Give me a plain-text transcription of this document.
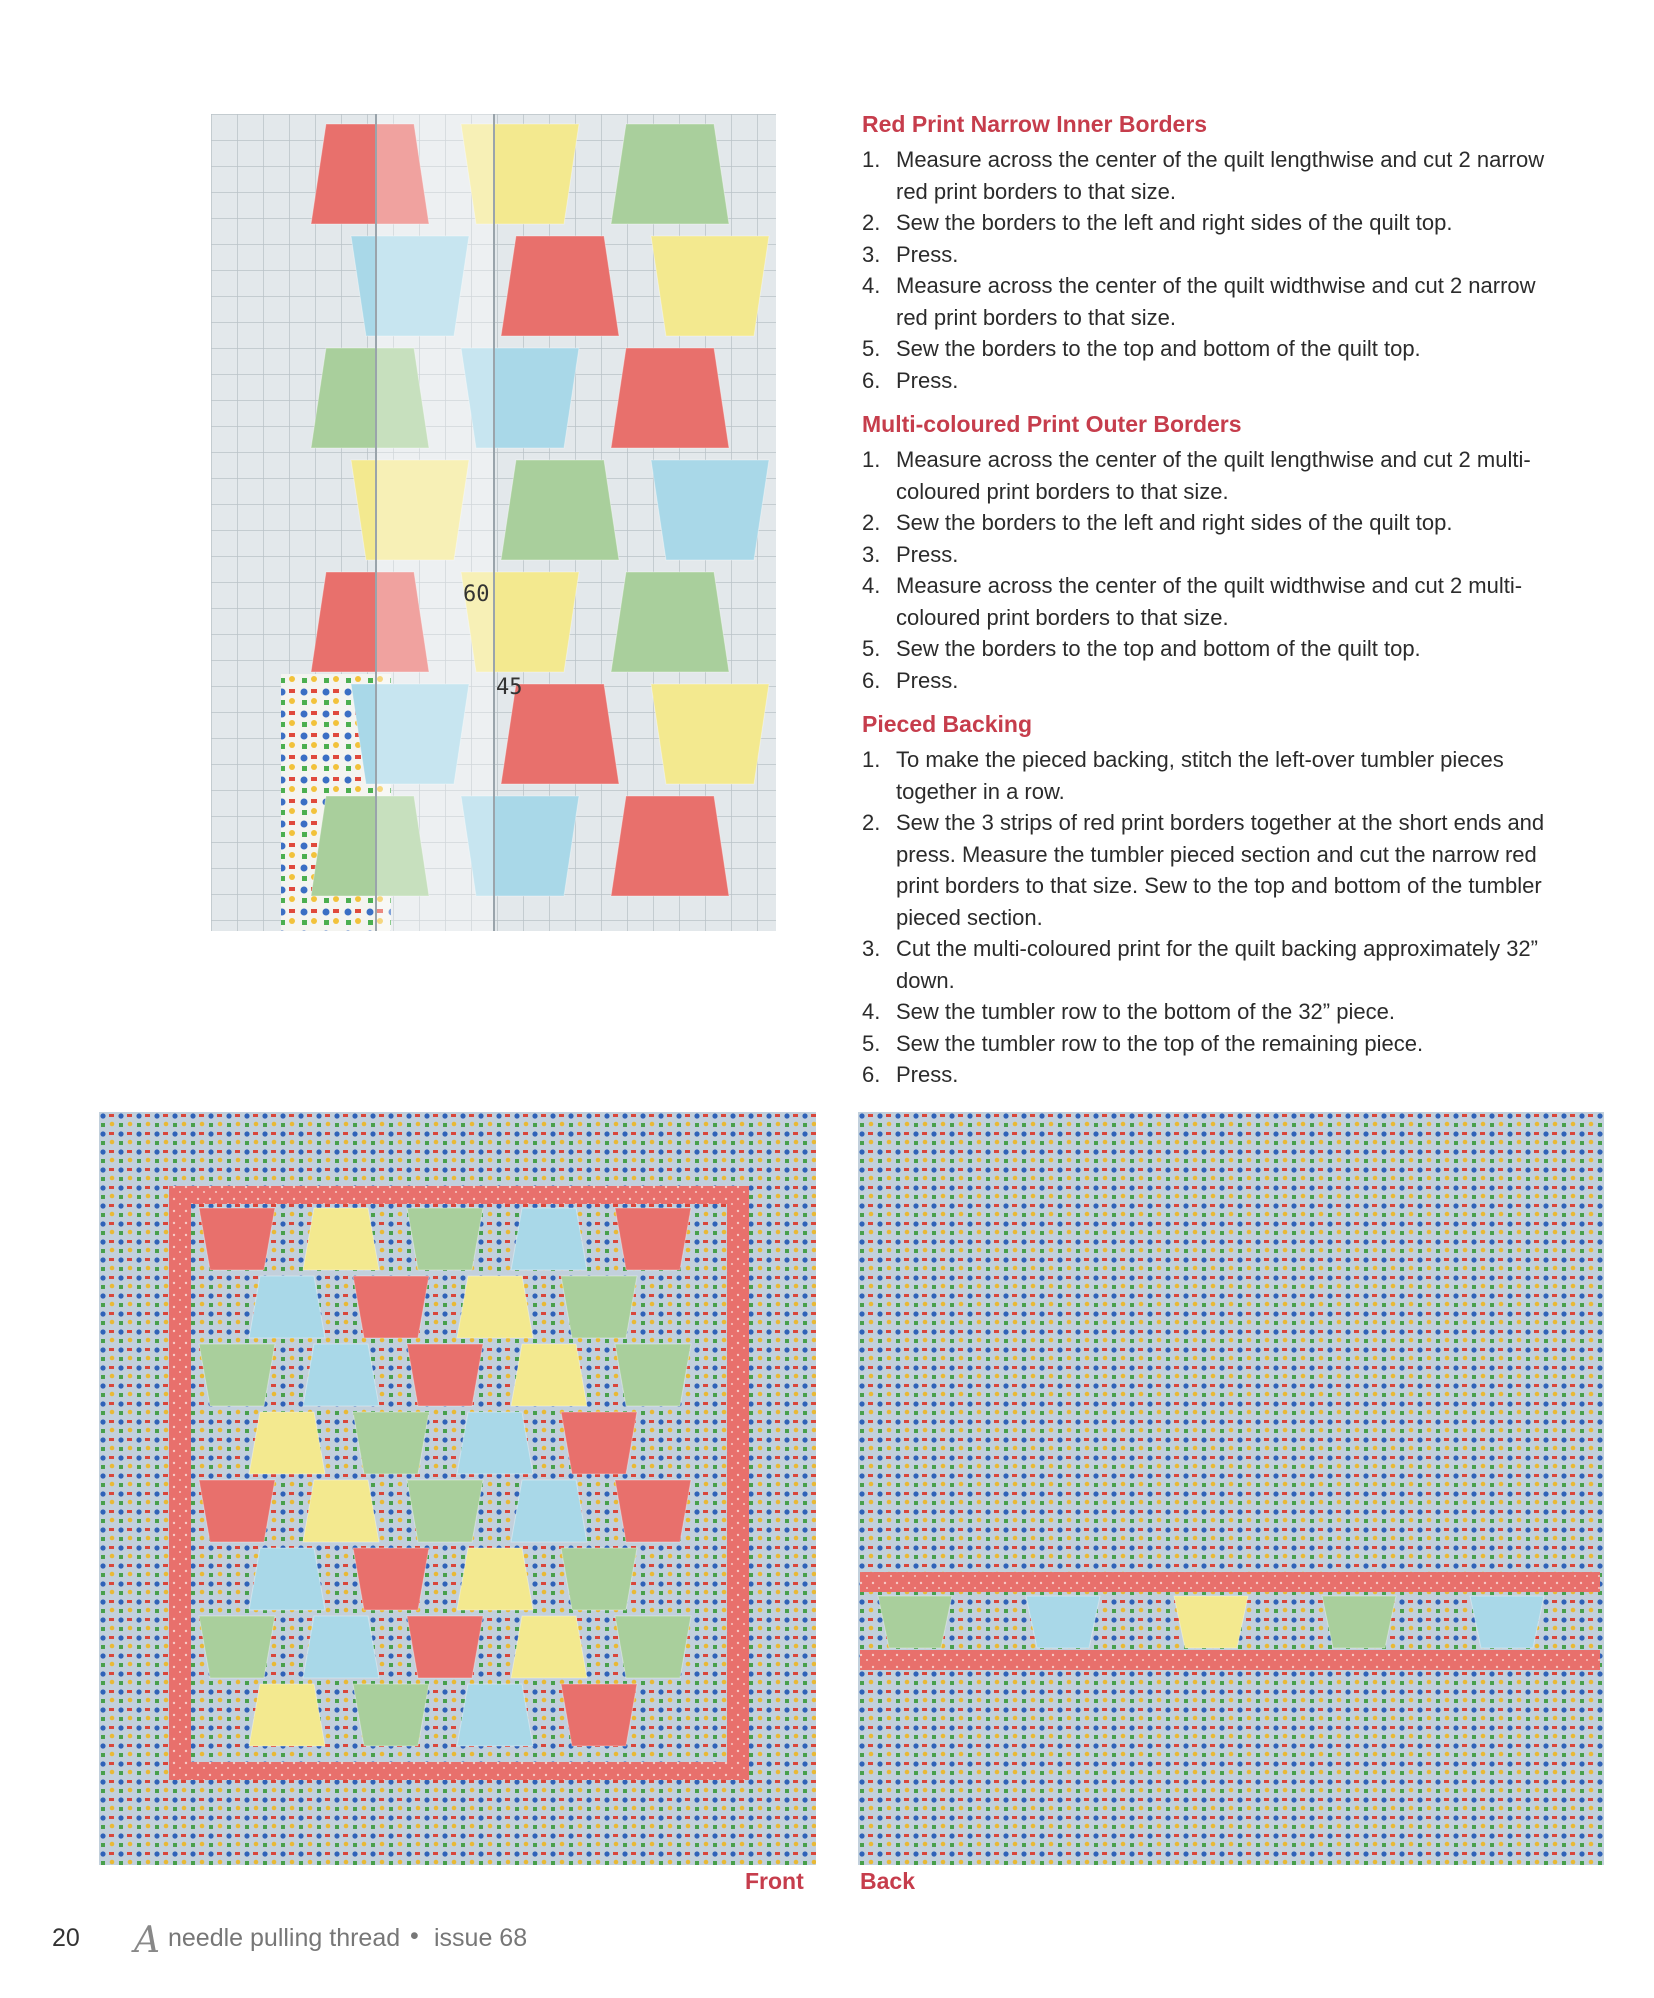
60
45
Red Print Narrow Inner Borders
1. Measure across the center of the quilt lengthwise and cut 2 narrow red print borders to that size.
2. Sew the borders to the left and right sides of the quilt top.
3. Press.
4. Measure across the center of the quilt widthwise and cut 2 narrow red print borders to that size.
5. Sew the borders to the top and bottom of the quilt top.
6. Press.
Multi-coloured Print Outer Borders
1. Measure across the center of the quilt lengthwise and cut 2 multi-coloured print borders to that size.
2. Sew the borders to the left and right sides of the quilt top.
3. Press.
4. Measure across the center of the quilt widthwise and cut 2 multi-coloured print borders to that size.
5. Sew the borders to the top and bottom of the quilt top.
6. Press.
Pieced Backing
1. To make the pieced backing, stitch the left-over tumbler pieces together in a row.
2. Sew the 3 strips of red print borders together at the short ends and press. Measure the tumbler pieced section and cut the narrow red print borders to that size. Sew to the top and bottom of the tumbler pieced section.
3. Cut the multi-coloured print for the quilt backing approximately 32” down.
4. Sew the tumbler row to the bottom of the 32” piece.
5. Sew the tumbler row to the top of the remaining piece.
6. Press.
Front Back
20 A needle pulling thread • issue 68
